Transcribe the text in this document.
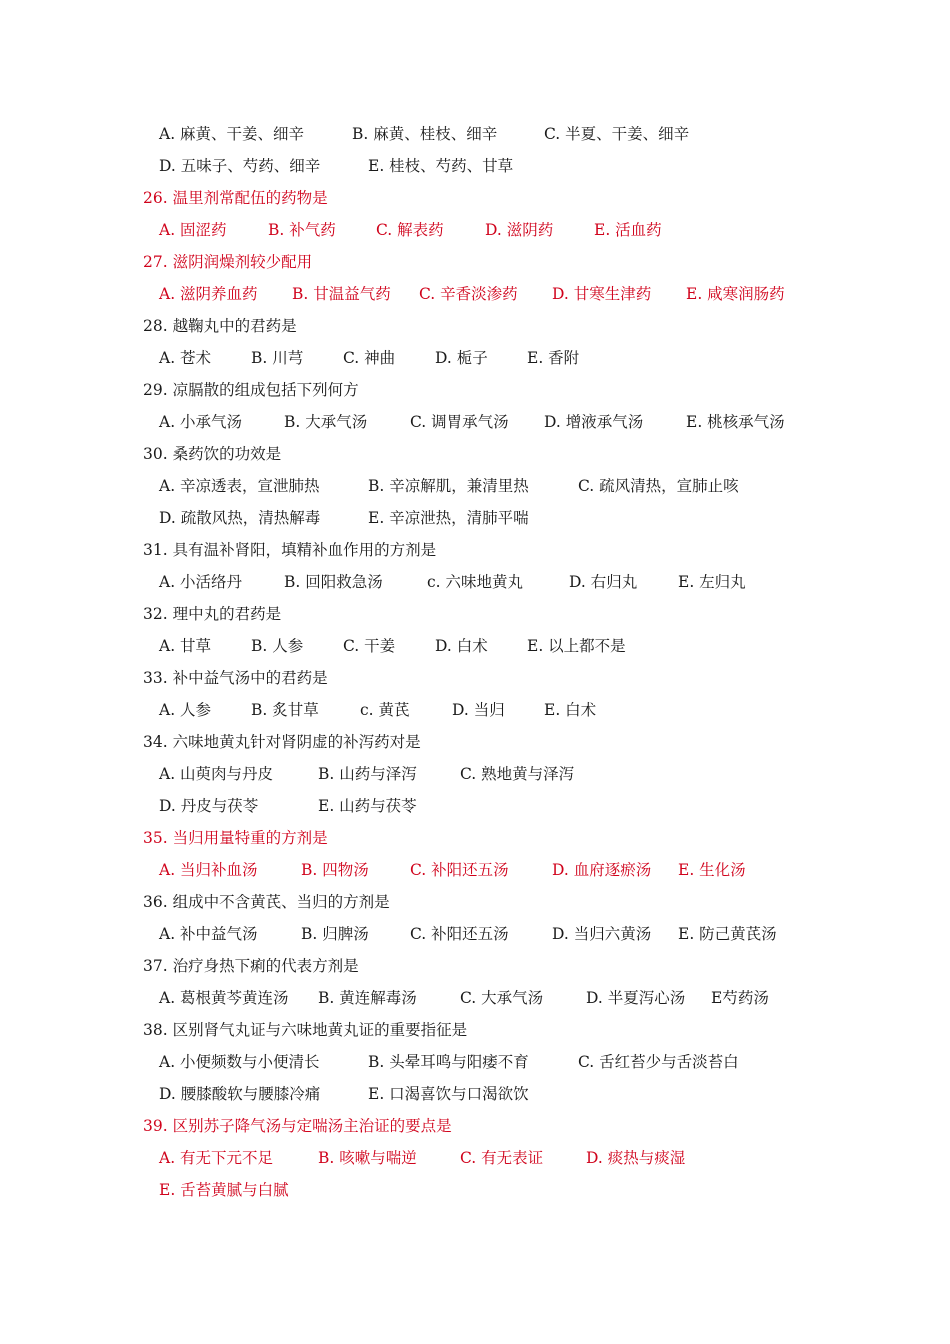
A. 麻黄、干姜、细辛	B. 麻黄、桂枝、细辛	C. 半夏、干姜、细辛
D. 五味子、芍药、细辛	E. 桂枝、芍药、甘草
26. 温里剂常配伍的药物是
A. 固涩药	B. 补气药	C. 解表药	D. 滋阴药	E. 活血药
27. 滋阴润燥剂较少配用
A. 滋阴养血药 B. 甘温益气药 C. 辛香淡渗药 D. 甘寒生津药 E. 咸寒润肠药
28. 越鞠丸中的君药是
A. 苍术	B. 川芎	C. 神曲	D. 栀子	E. 香附
29. 凉膈散的组成包括下列何方
A. 小承气汤	B. 大承气汤	C. 调胃承气汤 D. 增液承气汤	E. 桃核承气汤
30. 桑药饮的功效是
A. 辛凉透表，宣泄肺热	B. 辛凉解肌，兼清里热	C. 疏风清热，宣肺止咳
D. 疏散风热，清热解毒	E. 辛凉泄热，清肺平喘
31. 具有温补肾阳，填精补血作用的方剂是
A. 小活络丹	B. 回阳救急汤	c. 六味地黄丸	D. 右归丸	E. 左归丸
32. 理中丸的君药是
A. 甘草	B. 人参	C. 干姜	D. 白术	E. 以上都不是
33. 补中益气汤中的君药是
A. 人参	B. 炙甘草	c. 黄芪	D. 当归	E. 白术
34. 六味地黄丸针对肾阴虚的补泻药对是
A. 山萸肉与丹皮	B. 山药与泽泻	C. 熟地黄与泽泻
D. 丹皮与茯苓	E. 山药与茯苓
35. 当归用量特重的方剂是
A. 当归补血汤	B. 四物汤	C. 补阳还五汤	D. 血府逐瘀汤 E. 生化汤
36. 组成中不含黄芪、当归的方剂是
A. 补中益气汤	B. 归脾汤	C. 补阳还五汤	D. 当归六黄汤 E. 防己黄芪汤
37. 治疗身热下痢的代表方剂是
A. 葛根黄芩黄连汤 B. 黄连解毒汤	C. 大承气汤	D. 半夏泻心汤 E芍药汤
38. 区别肾气丸证与六味地黄丸证的重要指征是
A. 小便频数与小便清长	B. 头晕耳鸣与阳痿不育	C. 舌红苔少与舌淡苔白
D. 腰膝酸软与腰膝冷痛	E. 口渴喜饮与口渴欲饮
39. 区别苏子降气汤与定喘汤主治证的要点是
A. 有无下元不足	B. 咳嗽与喘逆	C. 有无表证	D. 痰热与痰湿
E. 舌苔黄腻与白腻
